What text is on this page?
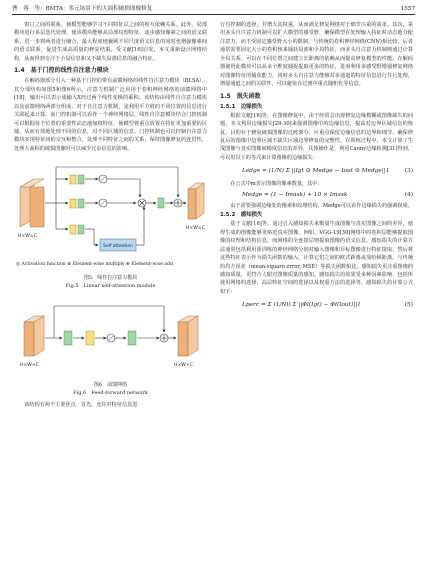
曹　蓉　等：BMTA：多元场景下的大面积破损图像修复	1557

窗口之间的联系，使模型能够学习不同特征层之间的相互依赖关系。此外，局部模块进行多层迭代处理，使该模块能够从局部纹理特征、逐步感知像素之间的语义联系，进一步将两者进行融合，最大程度地兼顾不同尺度语义信息的同时也增强像素间的语义联系，促进生成高质量的修复结果。受文献[16]启发，本文重新设计网络结构，从而得到专注于全局信息和又不缺失局部信息的融合特征。

1.4　基于门控的线性自注意力模块

在解码器部分引入一种基于门控的带有前馈网络的线性自注意力模块（BLSA），其分部结构如图5和图6所示。注意力机制广泛应用于卷积神经网络的前馈网络中[18]，输出可以表示成输入X经过两个线性变换的乘积。该结构由线性自注意力模块以及前馈网络两部分组成。对于自注意力机制，是利用平方值的不同位置的信息进行关联起来计算。而门控机制可以看作一个神经网络层，线性自注意模块结合门控机制可以根据每个位置的重要性动态地加权特征，使模型将重点放置在特征更加重要的区域，从而有效地处理不同的信息，对不同区域的信息。门控机制也可以控制自注意力模块实现特征间的交互和整合，处理不同特征之间的关系，保持图像修复的连贯性，处理大面积的破损图像时可以减少冗余信息的影响。

H×W×C
Self attention
H×W×C
◎ Activation function ⊗ Element-wise multiply ⊕ Element-wise add
图5　线性自注意力模块
Fig.5　Linear self-attention module
H×W×C	H×W×C
图6　前馈网络
Fig.6　Feed-forward network

该结构有两个主要优点：首先，允许对特征信息进

行有控制的选择，并增大其权重，从而满足修复网络对于细节注重的需求。其次，采用多头自注意力机制可以扩大模型的感受野，确保模型在处理输入特征时动态地分配注意力，而不受固定感受野大小的限制。与传统的卷积神经网络(CNN)相比较，后者通常需要固定大小的卷积核来捕获局部和全局特征，而多头自注意力机制则通过计算全局关系，可以在不同位置之间建立长距离的依赖从而提高修复模型的性能。在解码器使用此模块可以从多个维度捕捉提取更多的特征，进而利用多感受野增强修复网络对图像特征的捕获能力。同时多头自注意力能够对多通道的特征信息进行并行处理，增强通道之间的关联性，可以避免在过渡中重点随机化等信息。

1.5　损失函数
1.5.1　边缘损失

根据文献[16]等，在图像修复中，由于经常会出现修复边缘模糊或图像缺失的问题，本文利用边缘损失[29-30]来强调图像中的边缘信息，提高对边界区域信息的恢复，目的在于修复破损图像的过渡部分，应重点保留边缘信息的边界和细节，确保修复后的图像中边界区域不缺失区域边界修复的完整性。在训练过程中，本文计算了生成图像与真实图像间梯度信息的差异，具体操作是，利用Canny边缘检测[31]得到，可以用以下的等式来计算图像的边缘损失：

Ledge = (1/N) Σ ||Igt ⊙ Medge − Iout ⊙ Medge||1	(3)

在公式中m表示图像的像素数量，其中：

Medge = (1 − Imask) + 10 × Imask	(4)

由于需要强调边缘处的像素和纹理结构，Medge可以看作边缘损失的强调权重。

1.5.2　感知损失

基于文献[16]等，通过引入感知损失来衡量生成图像与真实图像之间的差异，使得生成的图像能够更贴近真实图像。例如，VGG-19[30]网络中的卷积层能够提取图像的纹理和结构信息，而网络的全连接层则提取图像的语义信息。感知损失的计算方法通常包括利用预训练的神经网络分别对输入图像和目标图像进行特征提取，然后将这些特征表示作为损失函数的输入，计算它们之间的欧式距离或曼哈顿距离。与传统的均方误差（mean-square error, MSE）等损失函数相比，感知损失更注重图像的感知质量，更符合人眼对图像质量的感知。感知损失的效果受多种因素影响，包括所使用网络的选择，高层特征空间的选择以及权重方法的选择等。感知损失的计算公式如下：

Lperc = Σ (1/Nl) Σ ||Φl(Igt) − Φl(Iout)||1	(5)
